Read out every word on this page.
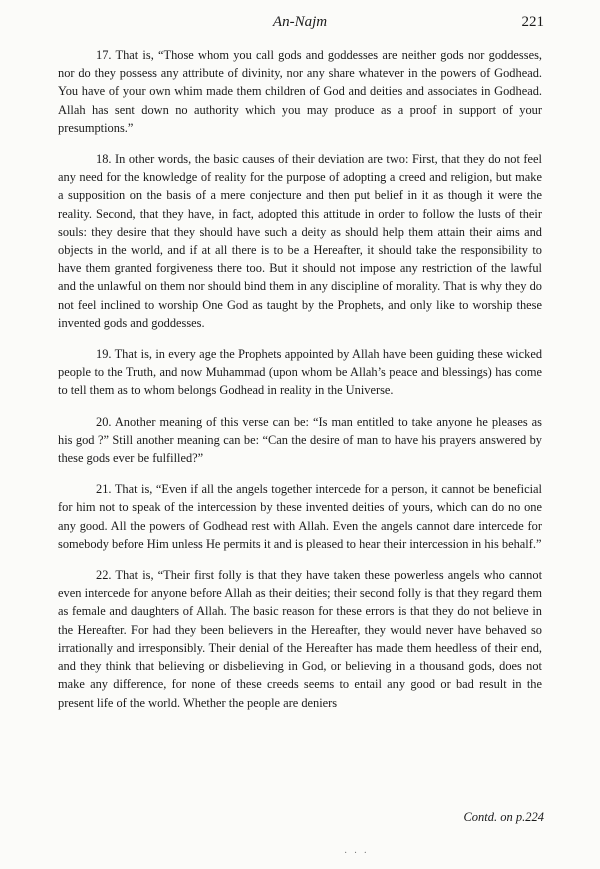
An-Najm	221

17. That is, “Those whom you call gods and goddesses are neither gods nor goddesses, nor do they possess any attribute of divinity, nor any share whatever in the powers of Godhead. You have of your own whim made them children of God and deities and associates in Godhead. Allah has sent down no authority which you may produce as a proof in support of your presumptions.”

18. In other words, the basic causes of their deviation are two: First, that they do not feel any need for the knowledge of reality for the purpose of adopting a creed and religion, but make a supposition on the basis of a mere conjecture and then put belief in it as though it were the reality. Second, that they have, in fact, adopted this attitude in order to follow the lusts of their souls: they desire that they should have such a deity as should help them attain their aims and objects in the world, and if at all there is to be a Hereafter, it should take the responsibility to have them granted forgiveness there too. But it should not impose any restriction of the lawful and the unlawful on them nor should bind them in any discipline of morality. That is why they do not feel inclined to worship One God as taught by the Prophets, and only like to worship these invented gods and goddesses.

19. That is, in every age the Prophets appointed by Allah have been guiding these wicked people to the Truth, and now Muhammad (upon whom be Allah’s peace and blessings) has come to tell them as to whom belongs Godhead in reality in the Universe.

20. Another meaning of this verse can be: “Is man entitled to take anyone he pleases as his god ?” Still another meaning can be: “Can the desire of man to have his prayers answered by these gods ever be fulfilled?”

21. That is, “Even if all the angels together intercede for a person, it cannot be beneficial for him not to speak of the intercession by these invented deities of yours, which can do no one any good. All the powers of Godhead rest with Allah. Even the angels cannot dare intercede for somebody before Him unless He permits it and is pleased to hear their intercession in his behalf.”

22. That is, “Their first folly is that they have taken these powerless angels who cannot even intercede for anyone before Allah as their deities; their second folly is that they regard them as female and daughters of Allah. The basic reason for these errors is that they do not believe in the Hereafter. For had they been believers in the Hereafter, they would never have behaved so irrationally and irresponsibly. Their denial of the Hereafter has made them heedless of their end, and they think that believing or disbelieving in God, or believing in a thousand gods, does not make any difference, for none of these creeds seems to entail any good or bad result in the present life of the world. Whether the people are deniers

Contd. on p.224
· · ·
